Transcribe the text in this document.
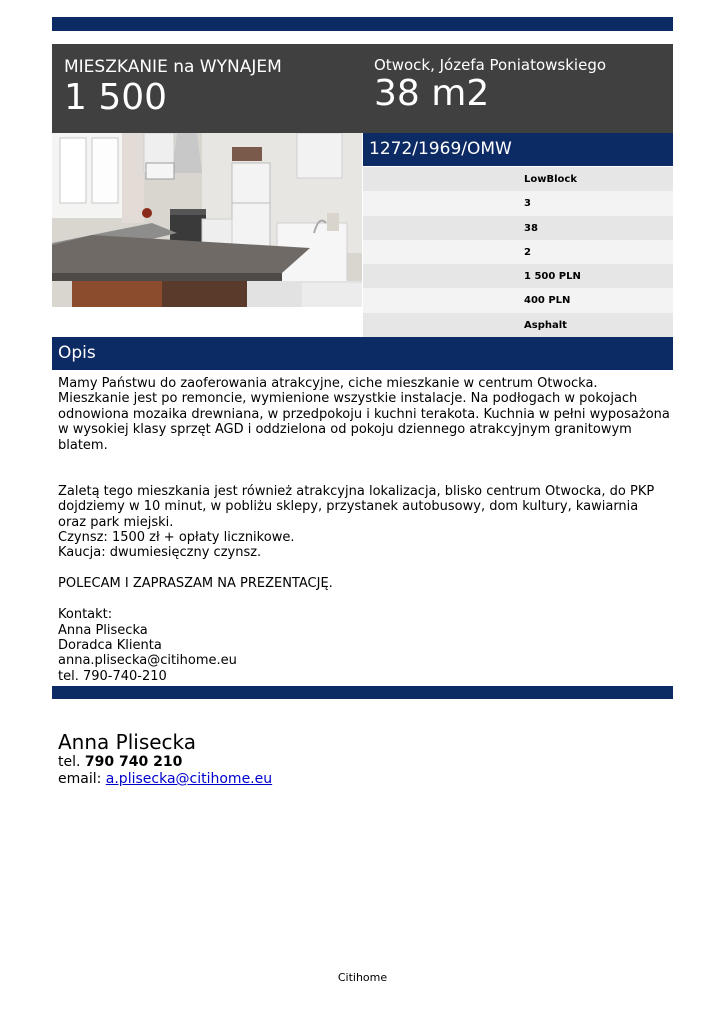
MIESZKANIE na WYNAJEM
1 500
Otwock, Józefa Poniatowskiego
38 m2
1272/1969/OMW
LowBlock
3
38
2
1 500 PLN
400 PLN
Asphalt
Opis
Mamy Państwu do zaoferowania atrakcyjne, ciche mieszkanie w centrum Otwocka. Mieszkanie jest po remoncie, wymienione wszystkie instalacje. Na podłogach w pokojach odnowiona mozaika drewniana, w przedpokoju i kuchni terakota. Kuchnia w pełni wyposażona w wysokiej klasy sprzęt AGD i oddzielona od pokoju dziennego atrakcyjnym granitowym blatem.

Zaletą tego mieszkania jest również atrakcyjna lokalizacja, blisko centrum Otwocka, do PKP dojdziemy w 10 minut, w pobliżu sklepy, przystanek autobusowy, dom kultury, kawiarnia oraz park miejski.
Czynsz: 1500 zł + opłaty licznikowe.
Kaucja: dwumiesięczny czynsz.

POLECAM I ZAPRASZAM NA PREZENTACJĘ.

Kontakt:
Anna Plisecka
Doradca Klienta
anna.plisecka@citihome.eu
tel. 790-740-210
Anna Plisecka
tel. 790 740 210
email: a.plisecka@citihome.eu
Citihome
